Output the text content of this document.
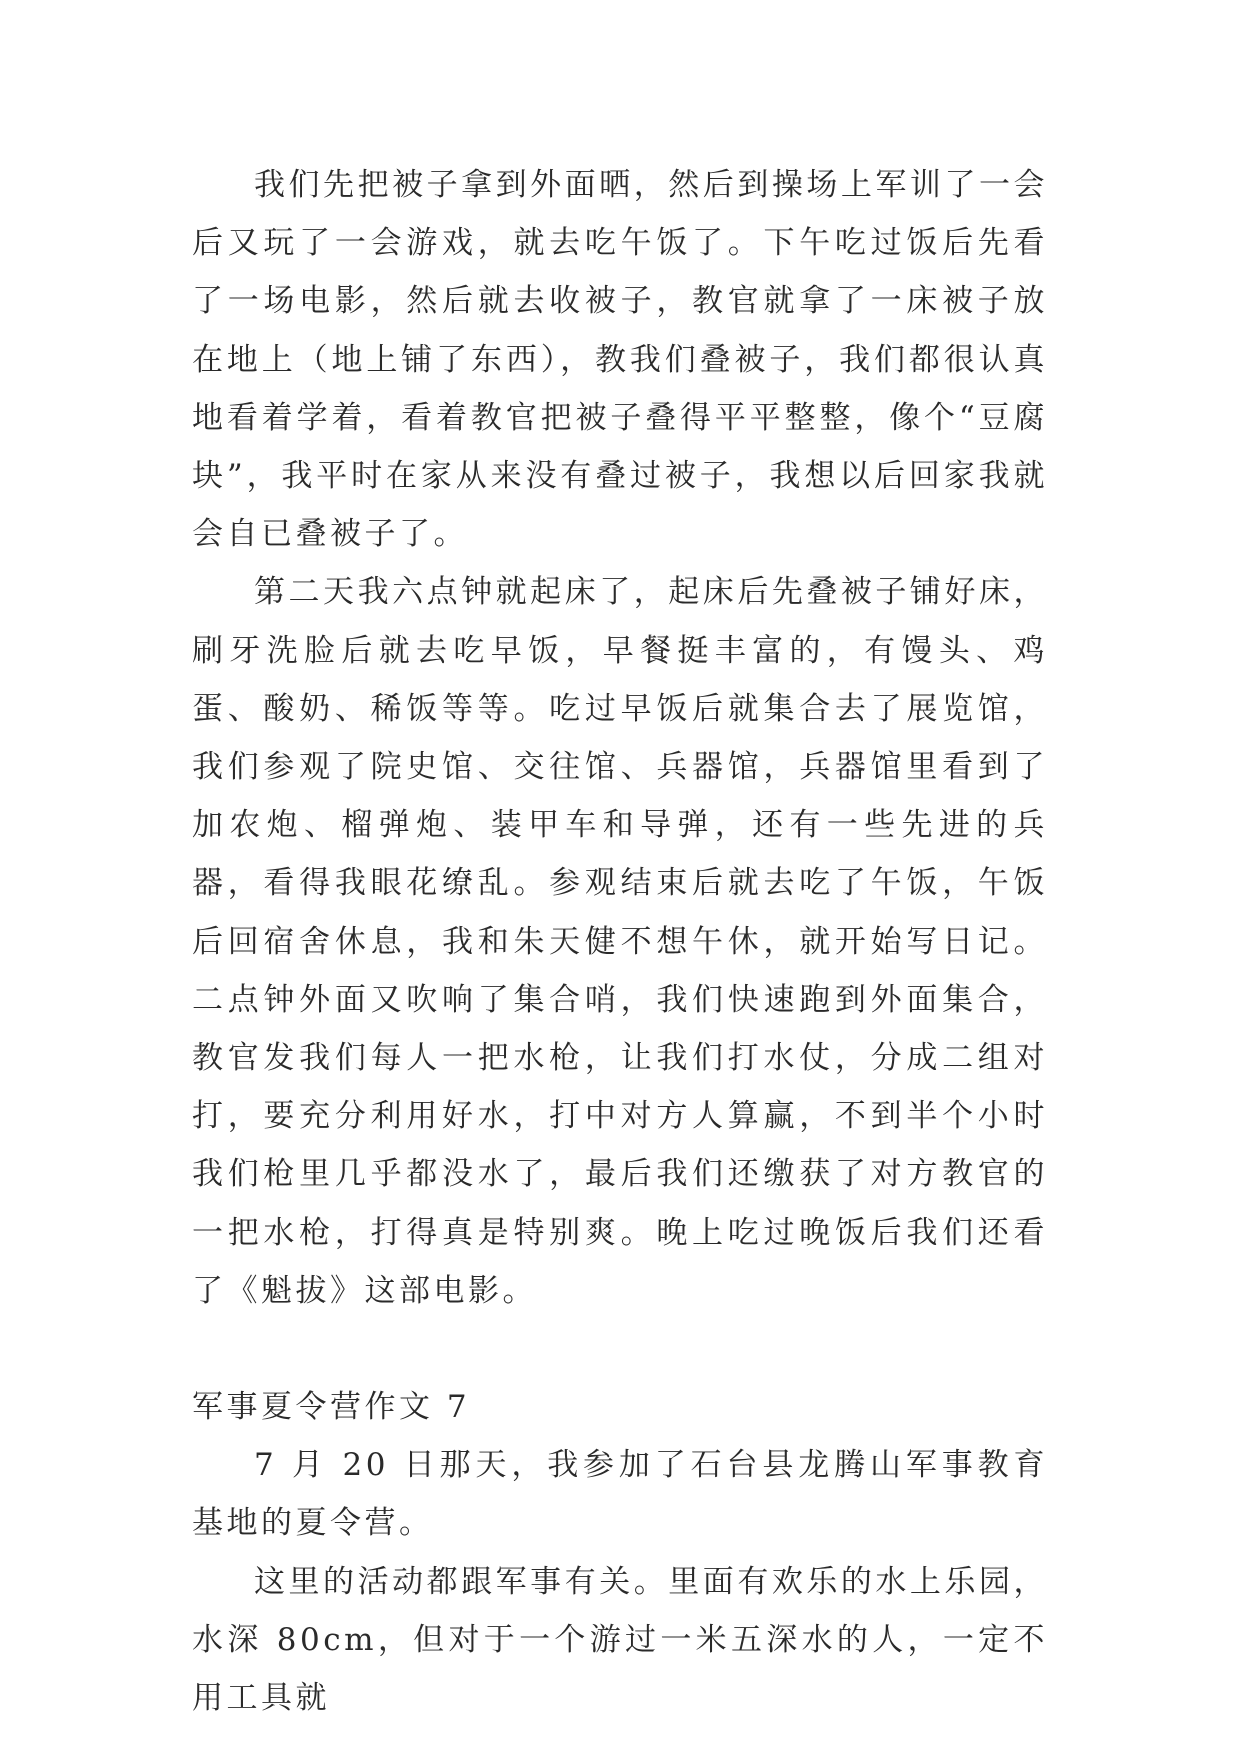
我们先把被子拿到外面晒，然后到操场上军训了一会后又玩了一会游戏，就去吃午饭了。下午吃过饭后先看了一场电影，然后就去收被子，教官就拿了一床被子放在地上（地上铺了东西），教我们叠被子，我们都很认真地看着学着，看着教官把被子叠得平平整整，像个“豆腐块”，我平时在家从来没有叠过被子，我想以后回家我就会自已叠被子了。

第二天我六点钟就起床了，起床后先叠被子铺好床，刷牙洗脸后就去吃早饭，早餐挺丰富的，有馒头、鸡蛋、酸奶、稀饭等等。吃过早饭后就集合去了展览馆，我们参观了院史馆、交往馆、兵器馆，兵器馆里看到了加农炮、榴弹炮、装甲车和导弹，还有一些先进的兵器，看得我眼花缭乱。参观结束后就去吃了午饭，午饭后回宿舍休息，我和朱天健不想午休，就开始写日记。二点钟外面又吹响了集合哨，我们快速跑到外面集合，教官发我们每人一把水枪，让我们打水仗，分成二组对打，要充分利用好水，打中对方人算赢，不到半个小时我们枪里几乎都没水了，最后我们还缴获了对方教官的一把水枪，打得真是特别爽。晚上吃过晚饭后我们还看了《魁拔》这部电影。

军事夏令营作文 7

7 月 20 日那天，我参加了石台县龙腾山军事教育基地的夏令营。

这里的活动都跟军事有关。里面有欢乐的水上乐园，水深 80cm，但对于一个游过一米五深水的人，一定不用工具就
